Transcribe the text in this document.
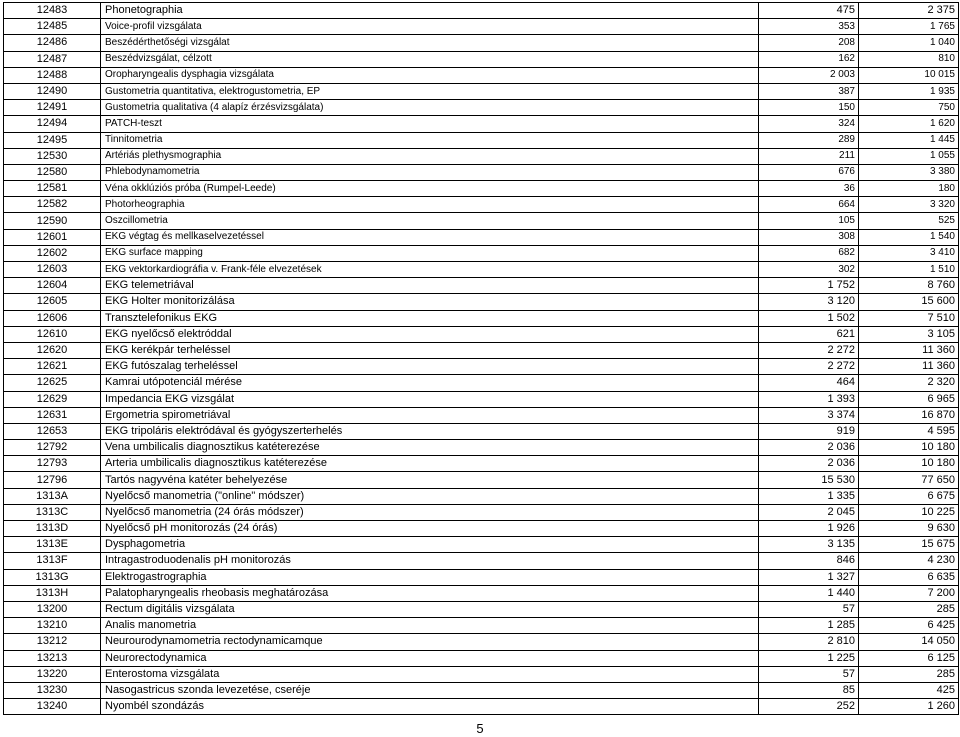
12483	Phonetographia	475	2 375
12485	Voice-profil vizsgálata	353	1 765
12486	Beszédérthetőségi vizsgálat	208	1 040
12487	Beszédvizsgálat, célzott	162	810
12488	Oropharyngealis dysphagia vizsgálata	2 003	10 015
12490	Gustometria quantitativa, elektrogustometria, EP	387	1 935
12491	Gustometria qualitativa (4 alapíz érzésvizsgálata)	150	750
12494	PATCH-teszt	324	1 620
12495	Tinnitometria	289	1 445
12530	Artériás plethysmographia	211	1 055
12580	Phlebodynamometria	676	3 380
12581	Véna okklúziós próba (Rumpel-Leede)	36	180
12582	Photorheographia	664	3 320
12590	Oszcillometria	105	525
12601	EKG végtag és mellkaselvezetéssel	308	1 540
12602	EKG surface mapping	682	3 410
12603	EKG vektorkardiográfia v. Frank-féle elvezetések	302	1 510
12604	EKG telemetriával	1 752	8 760
12605	EKG Holter monitorizálása	3 120	15 600
12606	Transztelefonikus EKG	1 502	7 510
12610	EKG nyelőcső elektróddal	621	3 105
12620	EKG kerékpár terheléssel	2 272	11 360
12621	EKG futószalag terheléssel	2 272	11 360
12625	Kamrai utópotenciál mérése	464	2 320
12629	Impedancia EKG vizsgálat	1 393	6 965
12631	Ergometria spirometriával	3 374	16 870
12653	EKG tripoláris elektródával és gyógyszerterhelés	919	4 595
12792	Vena umbilicalis diagnosztikus katéterezése	2 036	10 180
12793	Arteria umbilicalis diagnosztikus katéterezése	2 036	10 180
12796	Tartós nagyvéna katéter behelyezése	15 530	77 650
1313A	Nyelőcső manometria ("online" módszer)	1 335	6 675
1313C	Nyelőcső manometria (24 órás módszer)	2 045	10 225
1313D	Nyelőcső pH monitorozás (24 órás)	1 926	9 630
1313E	Dysphagometria	3 135	15 675
1313F	Intragastroduodenalis pH monitorozás	846	4 230
1313G	Elektrogastrographia	1 327	6 635
1313H	Palatopharyngealis rheobasis meghatározása	1 440	7 200
13200	Rectum digitális vizsgálata	57	285
13210	Analis manometria	1 285	6 425
13212	Neurourodynamometria rectodynamicamque	2 810	14 050
13213	Neurorectodynamica	1 225	6 125
13220	Enterostoma vizsgálata	57	285
13230	Nasogastricus szonda levezetése, cseréje	85	425
13240	Nyombél szondázás	252	1 260
5
